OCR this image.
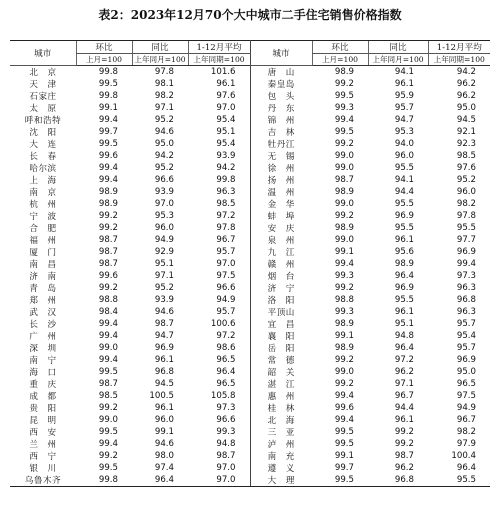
表2：2023年12月70个大中城市二手住宅销售价格指数
城市	环比	同比	1-12月平均	城市	环比	同比	1-12月平均
	上月=100	上年同月=100	上年同期=100		上月=100	上年同月=100	上年同期=100
北　京	99.8	97.8	101.6	唐　山	98.9	94.1	94.2
天　津	99.5	98.1	96.1	秦皇岛	99.2	96.1	96.2
石家庄	99.8	98.2	97.6	包　头	99.5	95.9	96.2
太　原	99.1	97.1	97.0	丹　东	99.3	95.7	95.0
呼和浩特	99.4	95.2	95.4	锦　州	99.4	94.7	94.5
沈　阳	99.7	94.6	95.1	吉　林	99.5	95.3	92.1
大　连	99.5	95.0	95.4	牡丹江	99.2	94.0	92.3
长　春	99.6	94.2	93.9	无　锡	99.0	96.0	98.5
哈尔滨	99.4	95.2	94.2	徐　州	99.0	95.5	97.6
上　海	99.4	96.6	99.8	扬　州	98.7	94.1	95.2
南　京	98.9	93.9	96.3	温　州	98.9	94.4	96.0
杭　州	98.9	97.0	98.5	金　华	99.0	95.5	98.2
宁　波	99.2	95.3	97.2	蚌　埠	99.2	96.9	97.8
合　肥	99.2	96.0	97.8	安　庆	98.9	95.5	95.5
福　州	98.7	94.9	96.7	泉　州	99.0	96.1	97.7
厦　门	98.7	92.9	95.7	九　江	99.1	95.6	96.9
南　昌	98.7	95.1	97.0	赣　州	99.4	98.9	99.4
济　南	99.6	97.1	97.5	烟　台	99.3	96.4	97.3
青　岛	99.2	95.2	96.6	济　宁	99.2	96.9	96.3
郑　州	98.8	93.9	94.9	洛　阳	98.8	95.5	96.8
武　汉	98.4	94.6	95.7	平顶山	99.3	96.1	96.3
长　沙	99.4	98.7	100.6	宜　昌	98.9	95.1	95.7
广　州	99.4	94.7	97.2	襄　阳	99.1	94.8	95.4
深　圳	99.0	96.9	98.6	岳　阳	98.9	96.4	95.7
南　宁	99.4	96.1	96.5	常　德	99.2	97.2	96.9
海　口	99.5	96.8	96.4	韶　关	99.0	96.2	95.0
重　庆	98.7	94.5	96.5	湛　江	99.2	97.1	96.5
成　都	98.5	100.5	105.8	惠　州	99.4	96.7	97.5
贵　阳	99.2	96.1	97.3	桂　林	99.6	94.4	94.9
昆　明	99.0	96.0	96.6	北　海	99.4	96.1	96.7
西　安	99.5	99.1	99.3	三　亚	99.5	99.2	98.2
兰　州	99.4	94.6	94.8	泸　州	99.5	99.2	97.9
西　宁	99.2	98.0	98.7	南　充	99.1	98.7	100.4
银　川	99.5	97.4	97.0	遵　义	99.7	96.2	96.4
乌鲁木齐	99.8	96.4	97.0	大　理	99.5	96.8	95.5
